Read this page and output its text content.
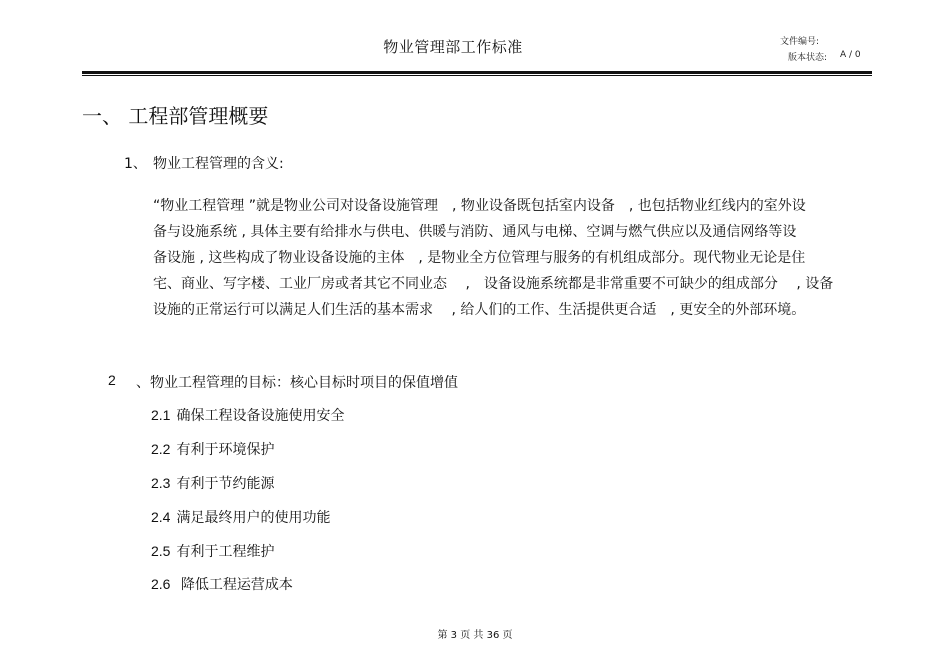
物业管理部工作标准	文件编号:
版本状态: A / 0
一、 工程部管理概要
1、 物业工程管理的含义:
“物业工程管理 ”就是物业公司对设备设施管理　, 物业设备既包括室内设备　, 也包括物业红线内的室外设
备与设施系统 , 具体主要有给排水与供电、供暖与消防、通风与电梯、空调与燃气供应以及通信网络等设
备设施 , 这些构成了物业设备设施的主体　, 是物业全方位管理与服务的有机组成部分。现代物业无论是住
宅、商业、写字楼、工业厂房或者其它不同业态　 ,　设备设施系统都是非常重要不可缺少的组成部分　 , 设备
设施的正常运行可以满足人们生活的基本需求　 , 给人们的工作、生活提供更合适　, 更安全的外部环境。
2 、物业工程管理的目标：核心目标时项目的保值增值
2.1 确保工程设备设施使用安全
2.2 有利于环境保护
2.3 有利于节约能源
2.4 满足最终用户的使用功能
2.5 有利于工程维护
2.6 降低工程运营成本
第 3 页 共 36 页
